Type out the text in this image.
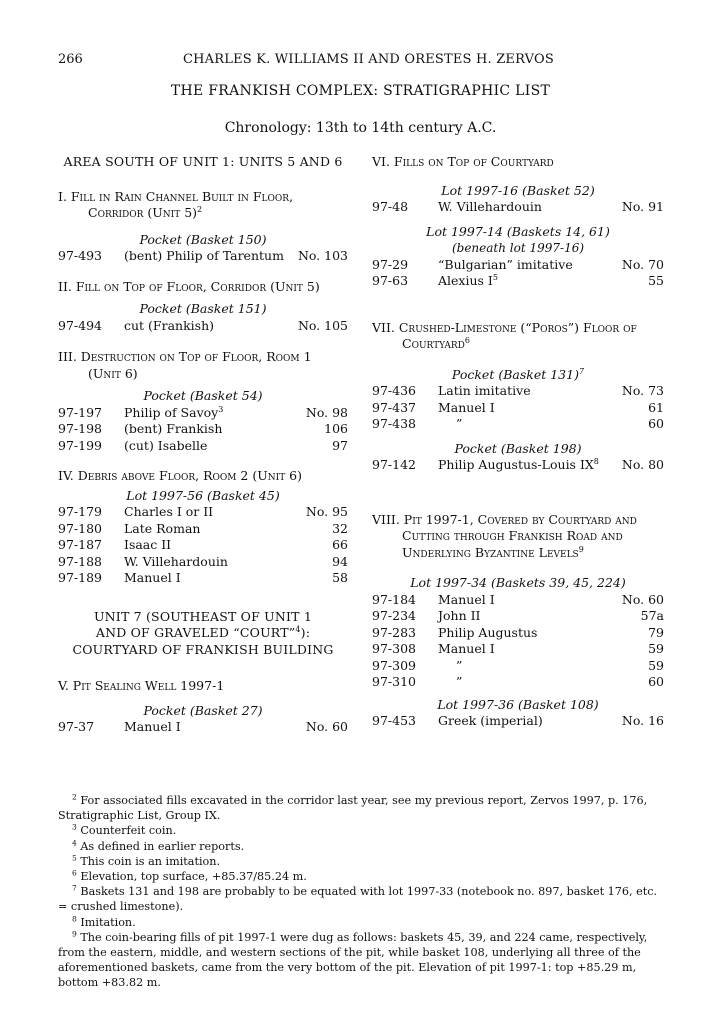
266	CHARLES K. WILLIAMS II AND ORESTES H. ZERVOS
THE FRANKISH COMPLEX: STRATIGRAPHIC LIST
Chronology: 13th to 14th century A.C.
AREA SOUTH OF UNIT 1: UNITS 5 AND 6
I. Fill in Rain Channel Built in Floor, Corridor (Unit 5)$^2$
Pocket (Basket 150)
97-493	(bent) Philip of Tarentum	No. 103
II. Fill on Top of Floor, Corridor (Unit 5)
Pocket (Basket 151)
97-494	cut (Frankish)	No. 105
III. Destruction on Top of Floor, Room 1 (Unit 6)
Pocket (Basket 54)
97-197	Philip of Savoy$^3$	No. 98
97-198	(bent) Frankish	106
97-199	(cut) Isabelle	97
IV. Debris above Floor, Room 2 (Unit 6)
Lot 1997-56 (Basket 45)
97-179	Charles I or II	No. 95
97-180	Late Roman	32
97-187	Isaac II	66
97-188	W. Villehardouin	94
97-189	Manuel I	58
UNIT 7 (SOUTHEAST OF UNIT 1
AND OF GRAVELED “COURT”$^4$):
COURTYARD OF FRANKISH BUILDING
V. Pit Sealing Well 1997-1
Pocket (Basket 27)
97-37	Manuel I	No. 60
VI. Fills on Top of Courtyard
Lot 1997-16 (Basket 52)
97-48	W. Villehardouin	No. 91
Lot 1997-14 (Baskets 14, 61)
(beneath lot 1997-16)
97-29	“Bulgarian” imitative	No. 70
97-63	Alexius $I^5$	55
VII. Crushed-Limestone (“Poros”) Floor of Courtyard$^6$
Pocket (Basket 131)$^7$
97-436	Latin imitative	No. 73
97-437	Manuel I	61
97-438	”	60
Pocket (Basket 198)
97-142	Philip Augustus-Louis $IX^8$	No. 80
VIII. Pit 1997-1, Covered by Courtyard and Cutting through Frankish Road and Underlying Byzantine Levels$^9$
Lot 1997-34 (Baskets 39, 45, 224)
97-184	Manuel I	No. 60
97-234	John II	57a
97-283	Philip Augustus	79
97-308	Manuel I	59
97-309	”	59
97-310	”	60
Lot 1997-36 (Basket 108)
97-453	Greek (imperial)	No. 16

$^2$ For associated fills excavated in the corridor last year, see my previous report, Zervos 1997, p. 176, Stratigraphic List, Group IX.

$^3$ Counterfeit coin.

$^4$ As defined in earlier reports.

$^5$ This coin is an imitation.

$^6$ Elevation, top surface, +85.37/85.24 m.

$^7$ Baskets 131 and 198 are probably to be equated with lot 1997-33 (notebook no. 897, basket 176, etc. = crushed limestone).

$^8$ Imitation.

$^9$ The coin-bearing fills of pit 1997-1 were dug as follows: baskets 45, 39, and 224 came, respectively, from the eastern, middle, and western sections of the pit, while basket 108, underlying all three of the aforementioned baskets, came from the very bottom of the pit. Elevation of pit 1997-1: top +85.29 m, bottom +83.82 m.
